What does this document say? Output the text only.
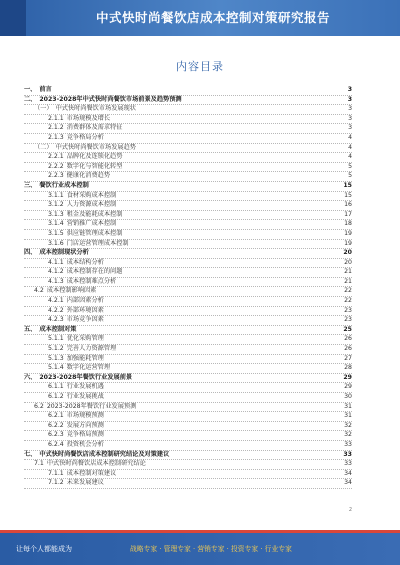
中式快时尚餐饮店成本控制对策研究报告
内容目录
一、 前言	3
二、 2023-2028年中式快时尚餐饮市场前景及趋势预测	3
（一） 中式快时尚餐饮市场发展现状	3
2.1.1 市场规模及增长	3
2.1.2 消费群体及需求特征	3
2.1.3 竞争格局分析	4
（二） 中式快时尚餐饮市场发展趋势	4
2.2.1 品牌化及连锁化趋势	4
2.2.2 数字化与智能化转型	5
2.2.3 健康化消费趋势	5
三、 餐饮行业成本控制	15
3.1.1 食材采购成本控制	15
3.1.2 人力资源成本控制	16
3.1.3 租金及能耗成本控制	17
3.1.4 营销推广成本控制	18
3.1.5 供应链管理成本控制	19
3.1.6 门店运营管理成本控制	19
四、 成本控制现状分析	20
4.1.1 成本结构分析	20
4.1.2 成本控制存在的问题	21
4.1.3 成本控制难点分析	21
4.2 成本控制影响因素	22
4.2.1 内部因素分析	22
4.2.2 外部环境因素	23
4.2.3 市场竞争因素	23
五、 成本控制对策	25
5.1.1 优化采购管理	26
5.1.2 完善人力资源管理	26
5.1.3 加强能耗管理	27
5.1.4 数字化运营管理	28
六、 2023-2028年餐饮行业发展前景	29
6.1.1 行业发展机遇	29
6.1.2 行业发展挑战	30
6.2 2023-2028年餐饮行业发展预测	31
6.2.1 市场规模预测	31
6.2.2 发展方向预测	32
6.2.3 竞争格局预测	32
6.2.4 投资机会分析	33
七、 中式快时尚餐饮店成本控制研究结论及对策建议	33
7.1 中式快时尚餐饮店成本控制研究结论	33
7.1.1 成本控制对策建议	34
7.1.2 未来发展建议	34
2
让每个人都能成为	战略专家 · 管理专家 · 营销专家 · 投资专家 · 行业专家
